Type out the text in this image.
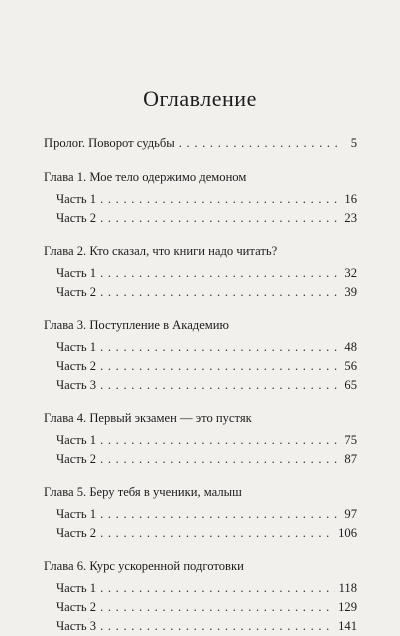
Оглавление
Пролог. Поворот судьбы . . .	5
Глава 1. Мое тело одержимо демоном
Часть 1 . . .	16
Часть 2 . . .	23
Глава 2. Кто сказал, что книги надо читать?
Часть 1 . . .	32
Часть 2 . . .	39
Глава 3. Поступление в Академию
Часть 1 . . .	48
Часть 2 . . .	56
Часть 3 . . .	65
Глава 4. Первый экзамен — это пустяк
Часть 1 . . .	75
Часть 2 . . .	87
Глава 5. Беру тебя в ученики, малыш
Часть 1 . . .	97
Часть 2 . . .	106
Глава 6. Курс ускоренной подготовки
Часть 1 . . .	118
Часть 2 . . .	129
Часть 3 . . .	141
